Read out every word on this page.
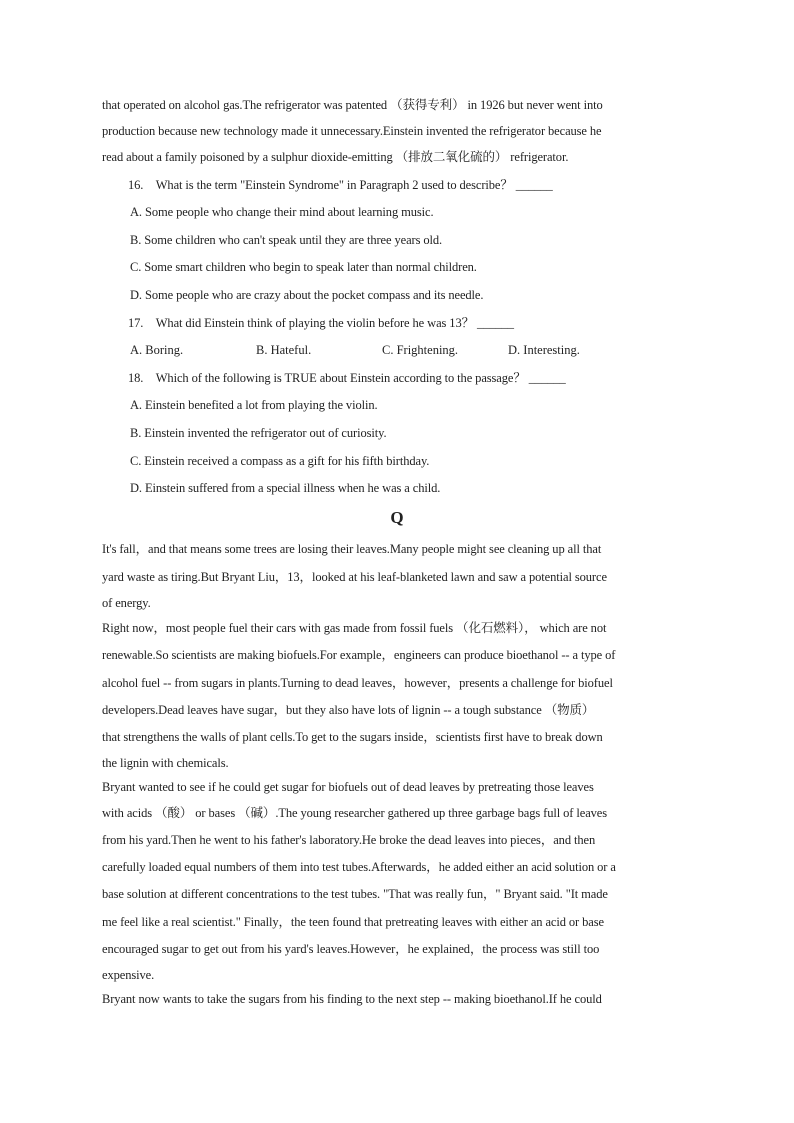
that operated on alcohol gas.The refrigerator was patented （获得专利） in 1926 but never went into
production because new technology made it unnecessary.Einstein invented the refrigerator because he
read about a family poisoned by a sulphur dioxide-emitting （排放二氧化硫的） refrigerator.
16.　What is the term "Einstein Syndrome" in Paragraph 2 used to describe？ ______
A. Some people who change their mind about learning music.
B. Some children who can't speak until they are three years old.
C. Some smart children who begin to speak later than normal children.
D. Some people who are crazy about the pocket compass and its needle.
17.　What did Einstein think of playing the violin before he was 13？ ______
A. Boring.	B. Hateful.	C. Frightening.	D. Interesting.
18.　Which of the following is TRUE about Einstein according to the passage？ ______
A. Einstein benefited a lot from playing the violin.
B. Einstein invented the refrigerator out of curiosity.
C. Einstein received a compass as a gift for his fifth birthday.
D. Einstein suffered from a special illness when he was a child.
Q
It's fall，and that means some trees are losing their leaves.Many people might see cleaning up all that
yard waste as tiring.But Bryant Liu，13，looked at his leaf-blanketed lawn and saw a potential source
of energy.
Right now，most people fuel their cars with gas made from fossil fuels （化石燃料）， which are not
renewable.So scientists are making biofuels.For example，engineers can produce bioethanol -- a type of
alcohol fuel -- from sugars in plants.Turning to dead leaves，however，presents a challenge for biofuel
developers.Dead leaves have sugar，but they also have lots of lignin -- a tough substance （物质）
that strengthens the walls of plant cells.To get to the sugars inside，scientists first have to break down
the lignin with chemicals.
Bryant wanted to see if he could get sugar for biofuels out of dead leaves by pretreating those leaves
with acids （酸） or bases （碱）.The young researcher gathered up three garbage bags full of leaves
from his yard.Then he went to his father's laboratory.He broke the dead leaves into pieces，and then
carefully loaded equal numbers of them into test tubes.Afterwards，he added either an acid solution or a
base solution at different concentrations to the test tubes. "That was really fun，" Bryant said. "It made
me feel like a real scientist." Finally，the teen found that pretreating leaves with either an acid or base
encouraged sugar to get out from his yard's leaves.However，he explained，the process was still too
expensive.
Bryant now wants to take the sugars from his finding to the next step -- making bioethanol.If he could
